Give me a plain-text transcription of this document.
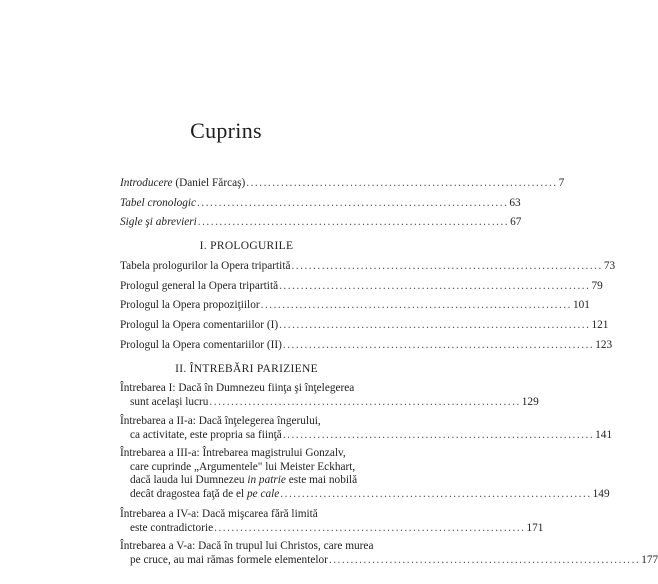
Cuprins
Introducere (Daniel Fărcaş) ........................................................................ 7
Tabel cronologic ........................................................................ 63
Sigle şi abrevieri ........................................................................ 67
I. PROLOGURILE
Tabela prologurilor la Opera tripartită ........................................................................ 73
Prologul general la Opera tripartită ........................................................................ 79
Prologul la Opera propoziţiilor ........................................................................ 101
Prologul la Opera comentariilor (I) ........................................................................ 121
Prologul la Opera comentariilor (II) ........................................................................ 123
II. ÎNTREBĂRI PARIZIENE
Întrebarea I: Dacă în Dumnezeu fiinţa şi înţelegerea
sunt acelaşi lucru ........................................................................ 129
Întrebarea a II-a: Dacă înţelegerea îngerului,
ca activitate, este propria sa fiinţă ........................................................................ 141
Întrebarea a III-a: Întrebarea magistrului Gonzalv,
care cuprinde „Argumentele" lui Meister Eckhart,
dacă lauda lui Dumnezeu in patrie este mai nobilă
decât dragostea faţă de el pe cale ........................................................................ 149
Întrebarea a IV-a: Dacă mişcarea fără limită
este contradictorie ........................................................................ 171
Întrebarea a V-a: Dacă în trupul lui Christos, care murea
pe cruce, au mai rămas formele elementelor ........................................................................ 177
